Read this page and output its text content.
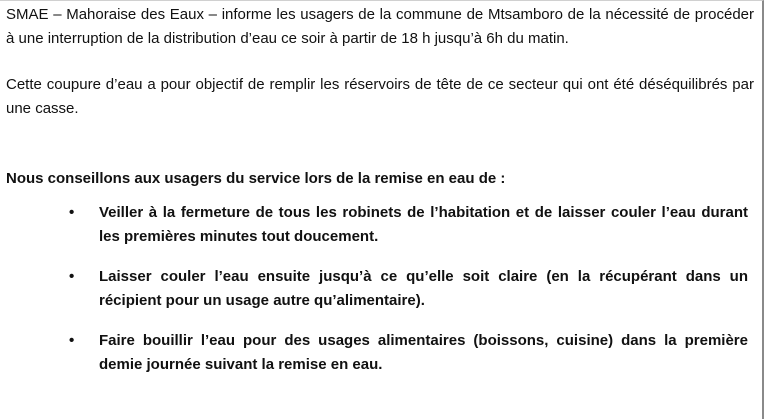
SMAE – Mahoraise des Eaux – informe les usagers de la commune de Mtsamboro de la nécessité de procéder à une interruption de la distribution d’eau ce soir à partir de 18 h jusqu’à 6h du matin.

Cette coupure d’eau a pour objectif de remplir les réservoirs de tête de ce secteur qui ont été déséquilibrés par une casse.

Nous conseillons aux usagers du service lors de la remise en eau de :

• Veiller à la fermeture de tous les robinets de l’habitation et de laisser couler l’eau durant les premières minutes tout doucement.
• Laisser couler l’eau ensuite jusqu’à ce qu’elle soit claire (en la récupérant dans un récipient pour un usage autre qu’alimentaire).
• Faire bouillir l’eau pour des usages alimentaires (boissons, cuisine) dans la première demie journée suivant la remise en eau.
